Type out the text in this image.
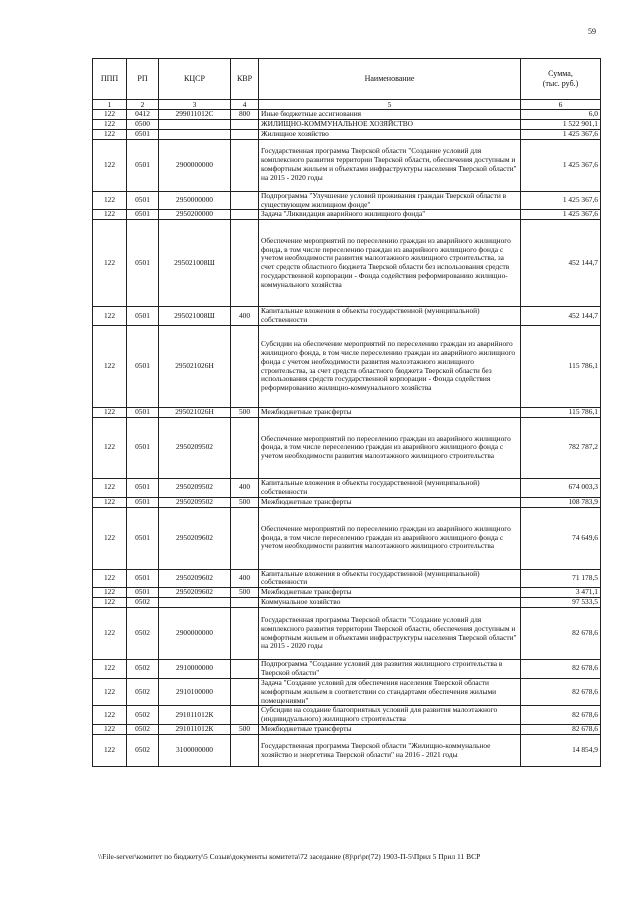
59
ППП	РП	КЦСР	КВР	Наименование	Сумма,
(тыс. руб.)
1	2	3	4	5	6
122	0412	299011012С	800	Иные бюджетные ассигнования	6,0
122	0500			ЖИЛИЩНО-КОММУНАЛЬНОЕ ХОЗЯЙСТВО	1 522 901,1
122	0501			Жилищное хозяйство	1 425 367,6
122	0501	2900000000		Государственная программа Тверской области "Создание условий для комплексного развития территории Тверской области, обеспечения доступным и комфортным жильем и объектами инфраструктуры населения Тверской области" на 2015 - 2020 годы	1 425 367,6
122	0501	2950000000		Подпрограмма "Улучшение условий проживания граждан Тверской области в существующем жилищном фонде"	1 425 367,6
122	0501	2950200000		Задача "Ликвидация аварийного жилищного фонда"	1 425 367,6
122	0501	295021008Ш		Обеспечение мероприятий по переселению граждан из аварийного жилищного фонда, в том числе переселению граждан из аварийного жилищного фонда с учетом необходимости развития малоэтажного жилищного строительства, за счет средств областного бюджета Тверской области без использования средств государственной корпорации - Фонда содействия реформированию жилищно-коммунального хозяйства	452 144,7
122	0501	295021008Ш	400	Капитальные вложения в объекты государственной (муниципальной) собственности	452 144,7
122	0501	295021026Н		Субсидии на обеспечение мероприятий по переселению граждан из аварийного жилищного фонда, в том числе переселению граждан из аварийного жилищного фонда с учетом необходимости развития малоэтажного жилищного строительства, за счет средств областного бюджета Тверской области без использования средств государственной корпорации - Фонда содействия реформированию жилищно-коммунального хозяйства	115 786,1
122	0501	295021026Н	500	Межбюджетные трансферты	115 786,1
122	0501	2950209502		Обеспечение мероприятий по переселению граждан из аварийного жилищного фонда, в том числе переселению граждан из аварийного жилищного фонда с учетом необходимости развития малоэтажного жилищного строительства	782 787,2
122	0501	2950209502	400	Капитальные вложения в объекты государственной (муниципальной) собственности	674 003,3
122	0501	2950209502	500	Межбюджетные трансферты	108 783,9
122	0501	2950209602		Обеспечение мероприятий по переселению граждан из аварийного жилищного фонда, в том числе переселению граждан из аварийного жилищного фонда с учетом необходимости развития малоэтажного жилищного строительства	74 649,6
122	0501	2950209602	400	Капитальные вложения в объекты государственной (муниципальной) собственности	71 178,5
122	0501	2950209602	500	Межбюджетные трансферты	3 471,1
122	0502			Коммунальное хозяйство	97 533,5
122	0502	2900000000		Государственная программа Тверской области "Создание условий для комплексного развития территории Тверской области, обеспечения доступным и комфортным жильем и объектами инфраструктуры населения Тверской области" на 2015 - 2020 годы	82 678,6
122	0502	2910000000		Подпрограмма "Создание условий для развития жилищного строительства в Тверской области"	82 678,6
122	0502	2910100000		Задача "Создание условий для обеспечения населения Тверской области комфортным жильем в соответствии со стандартами обеспечения жилыми помещениями"	82 678,6
122	0502	291011012К		Субсидии на создание благоприятных условий для развития малоэтажного (индивидуального) жилищного строительства	82 678,6
122	0502	291011012К	500	Межбюджетные трансферты	82 678,6
122	0502	3100000000		Государственная программа Тверской области "Жилищно-коммунальное хозяйство и энергетика Тверской области" на 2016 - 2021 годы	14 854,9
\\File-server\комитет по бюджету\5 Созыв\документы комитета\72 заседание (8)\pr\pr(72) 1903-П-5\Прил 5 Прил 11 ВСР
